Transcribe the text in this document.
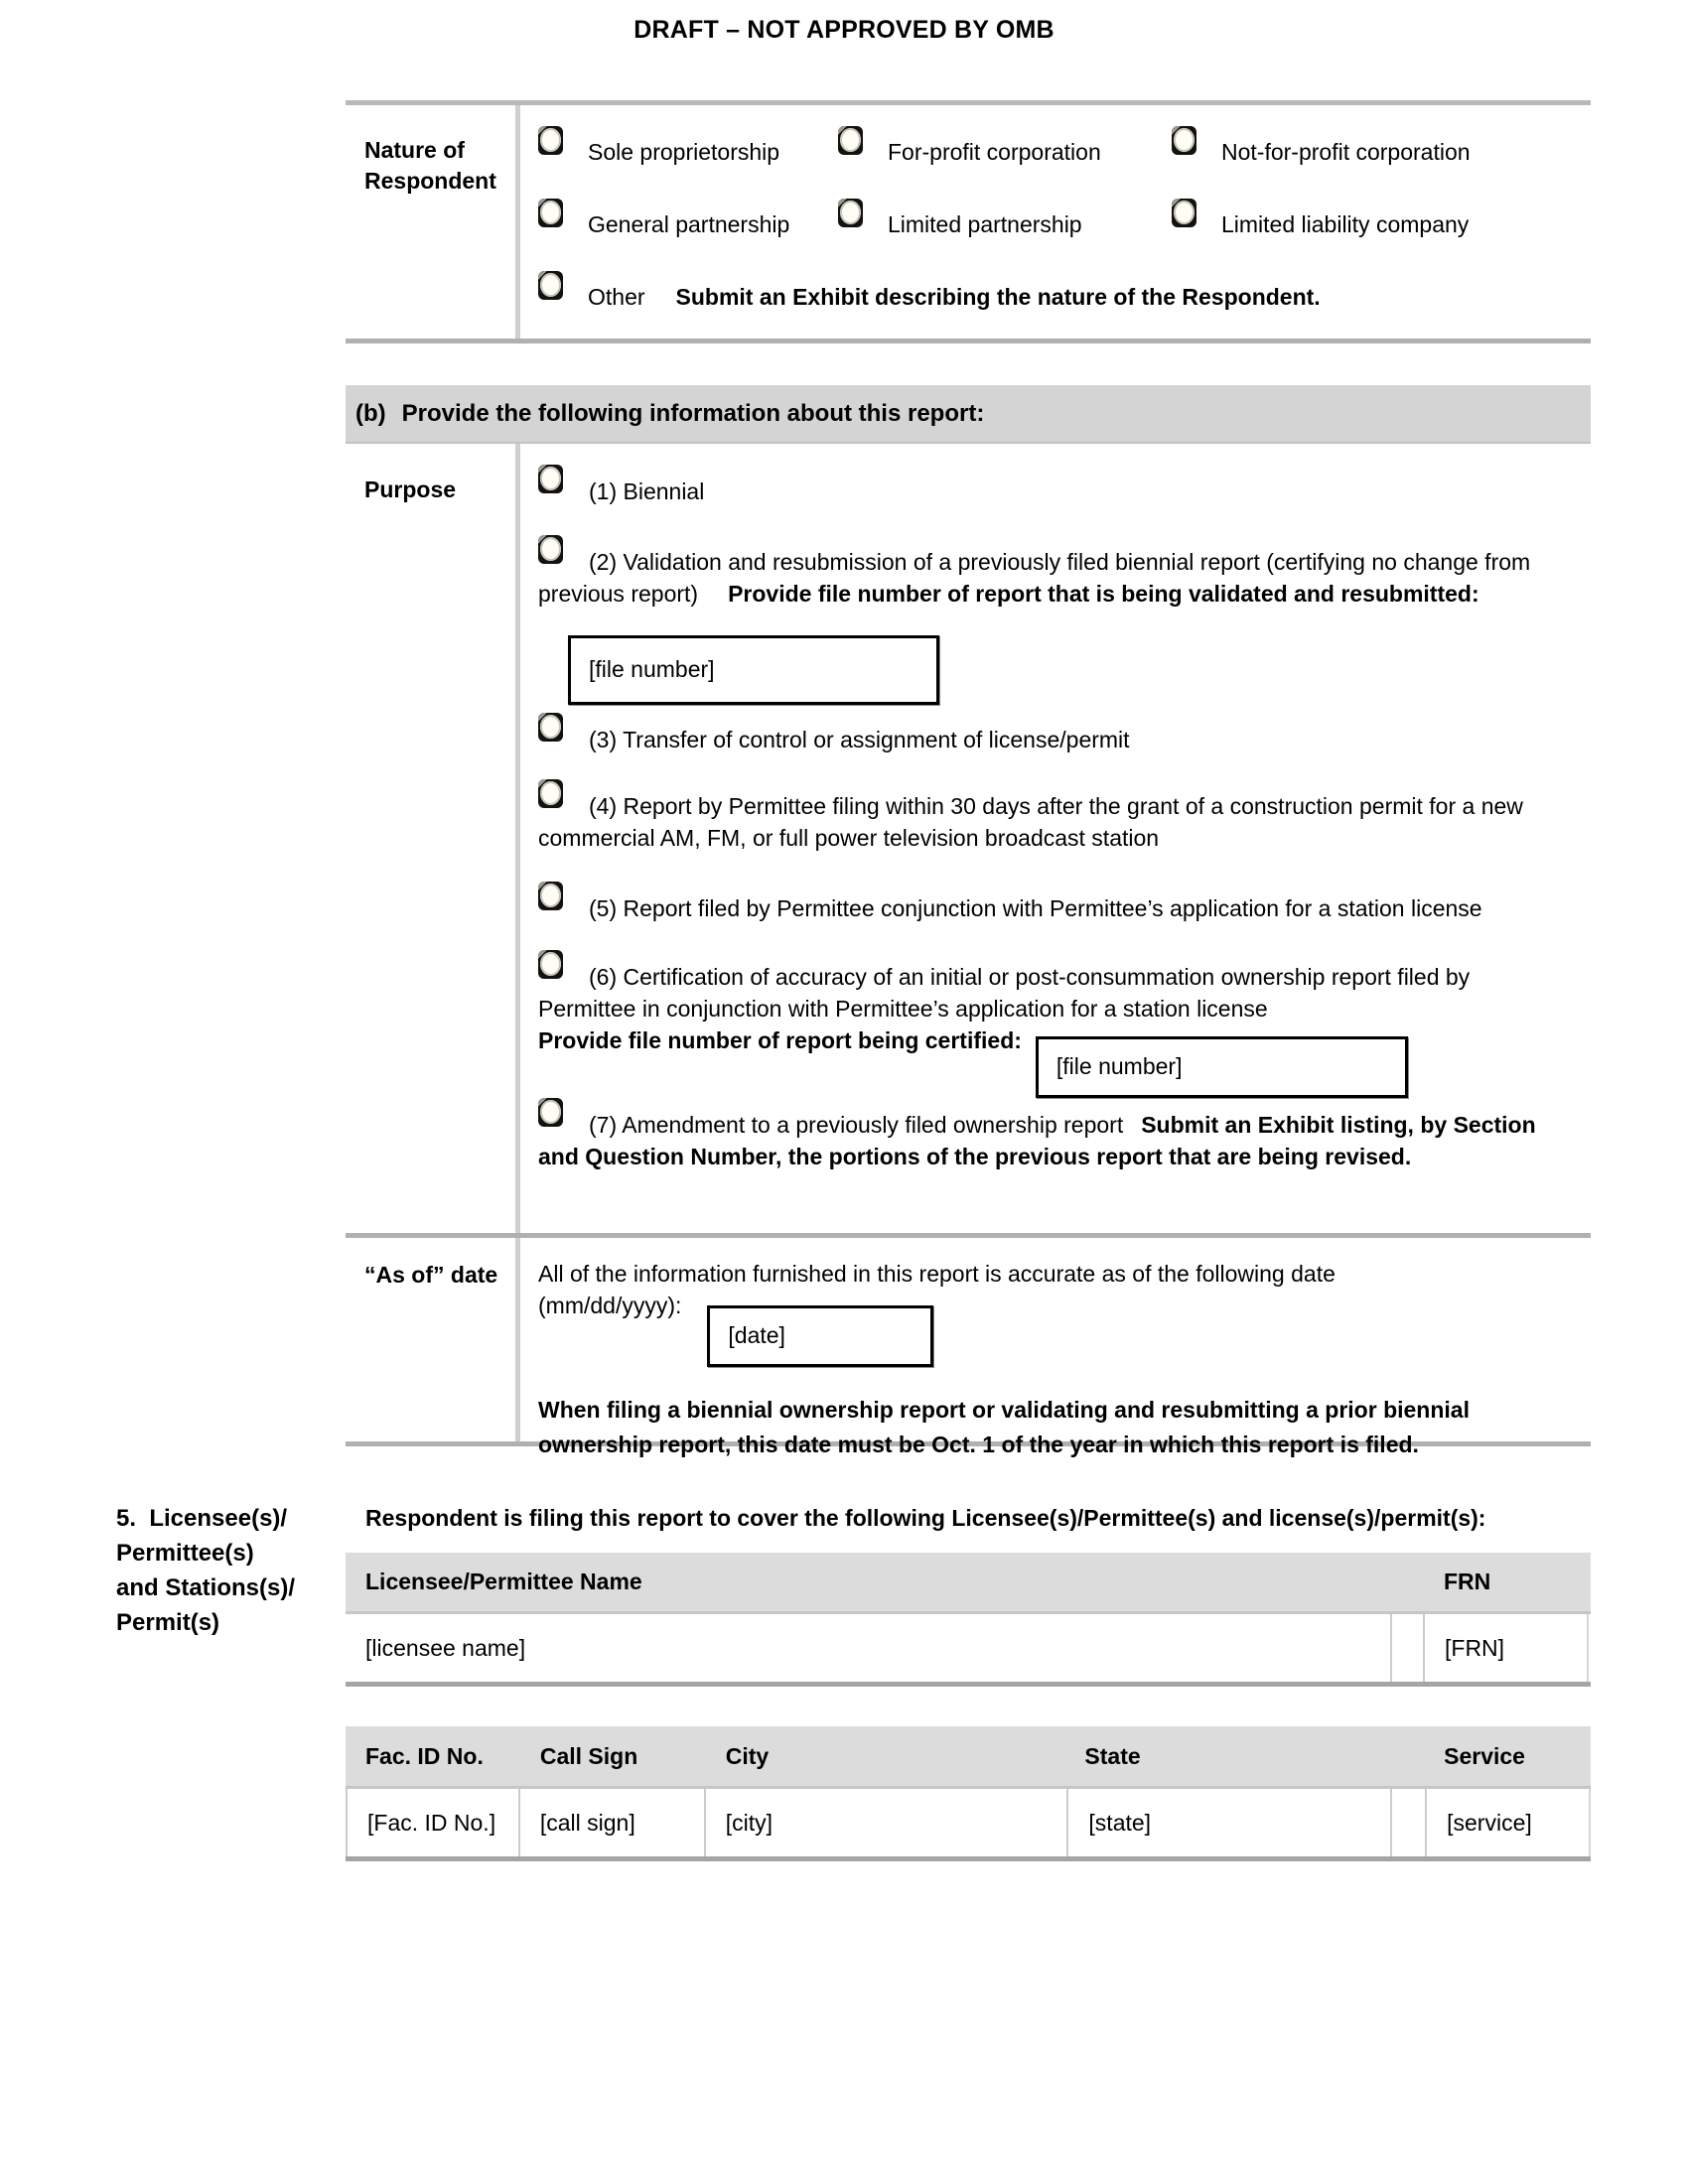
DRAFT – NOT APPROVED BY OMB
Nature of
Respondent
Sole proprietorship	For-profit corporation	Not-for-profit corporation
General partnership	Limited partnership	Limited liability company
Other Submit an Exhibit describing the nature of the Respondent.
(b) Provide the following information about this report:
Purpose	(1) Biennial

(2) Validation and resubmission of a previously filed biennial report (certifying no change from previous report) Provide file number of report that is being validated and resubmitted:[file number]

(3) Transfer of control or assignment of license/permit

(4) Report by Permittee filing within 30 days after the grant of a construction permit for a new commercial AM, FM, or full power television broadcast station

(5) Report filed by Permittee conjunction with Permittee’s application for a station license

(6) Certification of accuracy of an initial or post-consummation ownership report filed by Permittee in conjunction with Permittee’s application for a station license
Provide file number of report being certified:[file number]

(7) Amendment to a previously filed ownership report Submit an Exhibit listing, by Section and Question Number, the portions of the previous report that are being revised.

“As of” date	All of the information furnished in this report is accurate as of the following date
(mm/dd/yyyy):[date]

When filing a biennial ownership report or validating and resubmitting a prior biennial ownership report, this date must be Oct. 1 of the year in which this report is filed.

5.  Licensee(s)/
Permittee(s)
and Stations(s)/
Permit(s)
Respondent is filing this report to cover the following Licensee(s)/Permittee(s) and license(s)/permit(s):
Licensee/Permittee Name	FRN
[licensee name]	[FRN]
Fac. ID No.	Call Sign	City	State	Service
[Fac. ID No.]	[call sign]	[city]	[state]	[service]
